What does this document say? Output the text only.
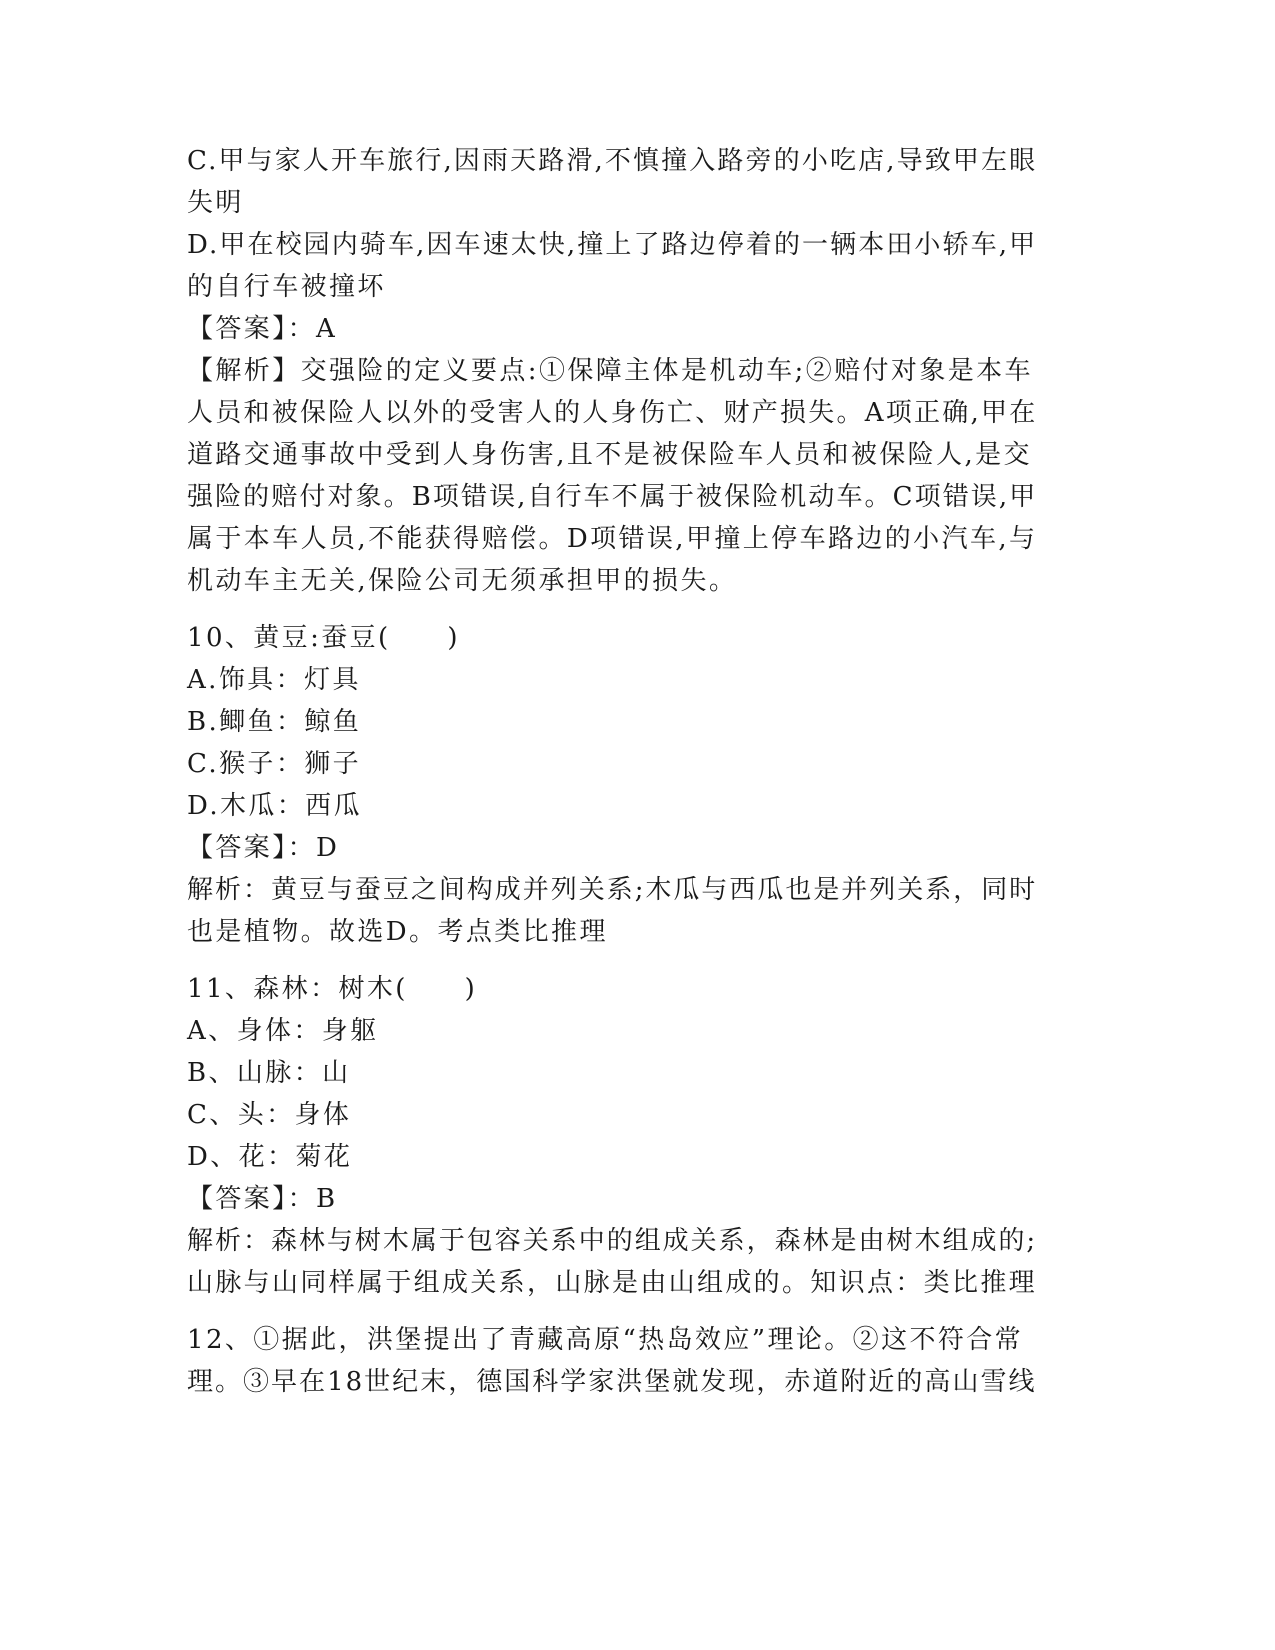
C.甲与家人开车旅行,因雨天路滑,不慎撞入路旁的小吃店,导致甲左眼
失明
D.甲在校园内骑车,因车速太快,撞上了路边停着的一辆本田小轿车,甲
的自行车被撞坏
【答案】：A
【解析】交强险的定义要点:①保障主体是机动车;②赔付对象是本车
人员和被保险人以外的受害人的人身伤亡、财产损失。A项正确,甲在
道路交通事故中受到人身伤害,且不是被保险车人员和被保险人,是交
强险的赔付对象。B项错误,自行车不属于被保险机动车。C项错误,甲
属于本车人员,不能获得赔偿。D项错误,甲撞上停车路边的小汽车,与
机动车主无关,保险公司无须承担甲的损失。
10、黄豆:蚕豆(　　)
A.饰具：灯具
B.鲫鱼：鲸鱼
C.猴子：狮子
D.木瓜：西瓜
【答案】：D
解析：黄豆与蚕豆之间构成并列关系;木瓜与西瓜也是并列关系，同时
也是植物。故选D。考点类比推理
11、森林：树木(　　)
A、身体：身躯
B、山脉：山
C、头：身体
D、花：菊花
【答案】：B
解析：森林与树木属于包容关系中的组成关系，森林是由树木组成的;
山脉与山同样属于组成关系，山脉是由山组成的。知识点：类比推理
12、①据此，洪堡提出了青藏高原“热岛效应”理论。②这不符合常
理。③早在18世纪末，德国科学家洪堡就发现，赤道附近的高山雪线
